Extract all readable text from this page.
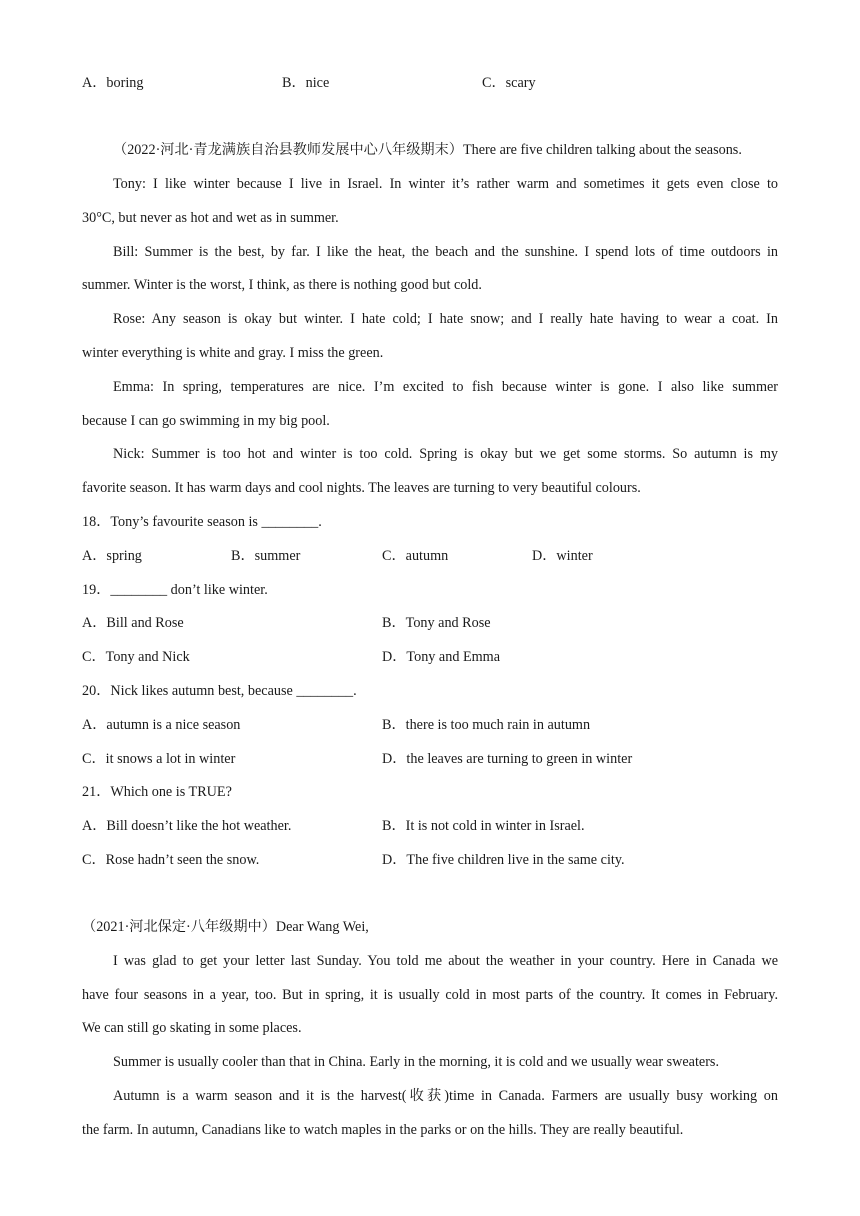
A．boring	B．nice	C．scary
（2022·河北·青龙满族自治县教师发展中心八年级期末）There are five children talking about the seasons.
Tony: I like winter because I live in Israel. In winter it’s rather warm and sometimes it gets even close to
30°C, but never as hot and wet as in summer.
Bill: Summer is the best, by far. I like the heat, the beach and the sunshine. I spend lots of time outdoors in
summer. Winter is the worst, I think, as there is nothing good but cold.
Rose: Any season is okay but winter. I hate cold; I hate snow; and I really hate having to wear a coat. In
winter everything is white and gray. I miss the green.
Emma: In spring, temperatures are nice. I’m excited to fish because winter is gone. I also like summer
because I can go swimming in my big pool.
Nick: Summer is too hot and winter is too cold. Spring is okay but we get some storms. So autumn is my
favorite season. It has warm days and cool nights. The leaves are turning to very beautiful colours.
18．Tony’s favourite season is ________.
A．spring	B．summer	C．autumn	D．winter
19．________ don’t like winter.
A．Bill and Rose	B．Tony and Rose
C．Tony and Nick	D．Tony and Emma
20．Nick likes autumn best, because ________.
A．autumn is a nice season	B．there is too much rain in autumn
C．it snows a lot in winter	D．the leaves are turning to green in winter
21．Which one is TRUE?
A．Bill doesn’t like the hot weather.	B．It is not cold in winter in Israel.
C．Rose hadn’t seen the snow.	D．The five children live in the same city.
（2021·河北保定·八年级期中）Dear Wang Wei,
I was glad to get your letter last Sunday. You told me about the weather in your country. Here in Canada we
have four seasons in a year, too. But in spring, it is usually cold in most parts of the country. It comes in February.
We can still go skating in some places.
Summer is usually cooler than that in China. Early in the morning, it is cold and we usually wear sweaters.
Autumn is a warm season and it is the harvest(收获)time in Canada. Farmers are usually busy working on
the farm. In autumn, Canadians like to watch maples in the parks or on the hills. They are really beautiful.
